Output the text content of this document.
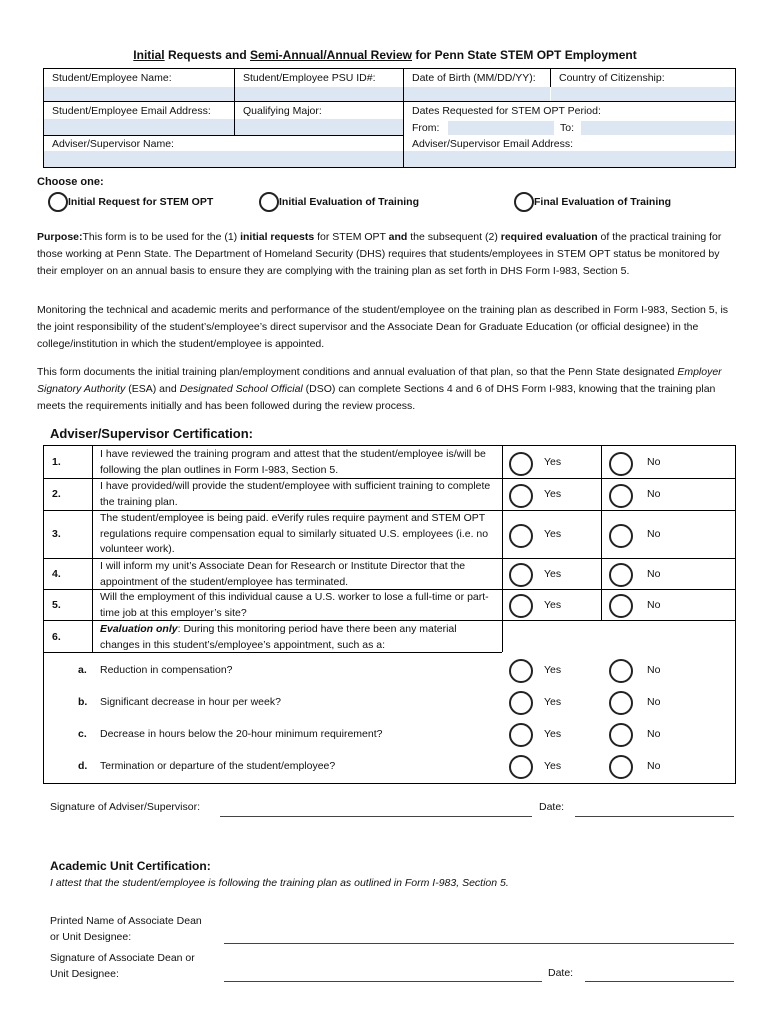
Initial Requests and Semi-Annual/Annual Review for Penn State STEM OPT Employment
Student/Employee Name:	Student/Employee PSU ID#:	Date of Birth (MM/DD/YY):	Country of Citizenship:
Student/Employee Email Address:	Qualifying Major:	Dates Requested for STEM OPT Period:
From:	To:
Adviser/Supervisor Name:	Adviser/Supervisor Email Address:
Choose one:
Initial Request for STEM OPT	Initial Evaluation of Training	Final Evaluation of Training
Purpose:This form is to be used for the (1) initial requests for STEM OPT and the subsequent (2) required evaluation of the practical training for those working at Penn State. The Department of Homeland Security (DHS) requires that students/employees in STEM OPT status be monitored by their employer on an annual basis to ensure they are complying with the training plan as set forth in DHS Form I-983, Section 5.
Monitoring the technical and academic merits and performance of the student/employee on the training plan as described in Form I-983, Section 5, is the joint responsibility of the student’s/employee’s direct supervisor and the Associate Dean for Graduate Education (or official designee) in the college/institution in which the student/employee is appointed.
This form documents the initial training plan/employment conditions and annual evaluation of that plan, so that the Penn State designated Employer Signatory Authority (ESA) and Designated School Official (DSO) can complete Sections 4 and 6 of DHS Form I-983, knowing that the training plan meets the requirements initially and has been followed during the review process.
Adviser/Supervisor Certification:
1.
I have reviewed the training program and attest that the student/employee is/will be following the plan outlines in Form I-983, Section 5.
Yes	No
2.
I have provided/will provide the student/employee with sufficient training to complete the training plan.
Yes	No
3.
The student/employee is being paid. eVerify rules require payment and STEM OPT regulations require compensation equal to similarly situated U.S. employees (i.e. no volunteer work).
Yes	No
4.
I will inform my unit’s Associate Dean for Research or Institute Director that the appointment of the student/employee has terminated.
Yes	No
5.
Will the employment of this individual cause a U.S. worker to lose a full-time or part-time job at this employer’s site?
Yes	No
6.
Evaluation only: During this monitoring period have there been any material changes in this student’s/employee’s appointment, such as a:
a. Reduction in compensation?	Yes	No
b. Significant decrease in hour per week?	Yes	No
c. Decrease in hours below the 20-hour minimum requirement?	Yes	No
d. Termination or departure of the student/employee?	Yes	No
Signature of Adviser/Supervisor:	Date:
Academic Unit Certification:
I attest that the student/employee is following the training plan as outlined in Form I-983, Section 5.
Printed Name of Associate Dean
or Unit Designee:
Signature of Associate Dean or
Unit Designee:	Date:
